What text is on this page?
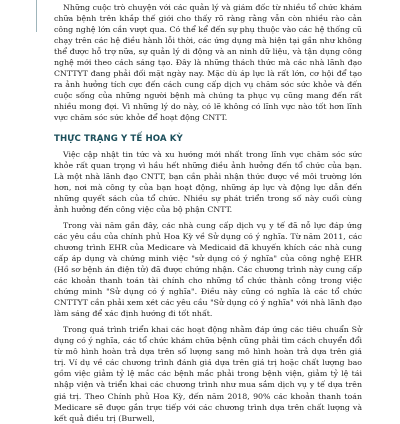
Những cuộc trò chuyện với các quản lý và giám đốc từ nhiều tổ chức khám chữa bệnh trên khắp thế giới cho thấy rõ ràng rằng vẫn còn nhiều rào cản công nghệ lớn cần vượt qua. Có thể kể đến sự phụ thuộc vào các hệ thống cũ chạy trên các hệ điều hành lỗi thời, các ứng dụng mà hiện tại gần như không thể được hỗ trợ nữa, sự quản lý di động và an ninh dữ liệu, và tận dụng công nghệ mới theo cách sáng tạo. Đây là những thách thức mà các nhà lãnh đạo CNTTYT đang phải đối mặt ngày nay. Mặc dù áp lực là rất lớn, cơ hội để tạo ra ảnh hưởng tích cực đến cách cung cấp dịch vụ chăm sóc sức khỏe và đến cuộc sống của những người bệnh mà chúng ta phục vụ cũng mang đến rất nhiều mong đợi. Vì những lý do này, có lẽ không có lĩnh vực nào tốt hơn lĩnh vực chăm sóc sức khỏe để hoạt động CNTT.

THỰC TRẠNG Y TẾ HOA KỲ

Việc cập nhật tin tức và xu hướng mới nhất trong lĩnh vực chăm sóc sức khỏe rất quan trọng vì hầu hết những điều ảnh hưởng đến tổ chức của bạn. Là một nhà lãnh đạo CNTT, bạn cần phải nhận thức được về môi trường lớn hơn, nơi mà công ty của bạn hoạt động, những áp lực và động lực dẫn đến những quyết sách của tổ chức. Nhiều sự phát triển trong số này cuối cùng ảnh hưởng đến công việc của bộ phận CNTT.

Trong vài năm gần đây, các nhà cung cấp dịch vụ y tế đã nỗ lực đáp ứng các yêu cầu của chính phủ Hoa Kỳ về Sử dụng có ý nghĩa. Từ năm 2011, các chương trình EHR của Medicare và Medicaid đã khuyến khích các nhà cung cấp áp dụng và chứng minh việc "sử dụng có ý nghĩa" của công nghệ EHR (Hồ sơ bệnh án điện tử) đã được chứng nhận. Các chương trình này cung cấp các khoản thanh toán tài chính cho những tổ chức thành công trong việc chứng minh "Sử dụng có ý nghĩa". Điều này cũng có nghĩa là các tổ chức CNTTYT cần phải xem xét các yêu cầu "Sử dụng có ý nghĩa" với nhà lãnh đạo làm sáng để xác định hướng đi tốt nhất.

Trong quá trình triển khai các hoạt động nhằm đáp ứng các tiêu chuẩn Sử dụng có ý nghĩa, các tổ chức khám chữa bệnh cũng phải tìm cách chuyển đổi từ mô hình hoàn trả dựa trên số lượng sang mô hình hoàn trả dựa trên giá trị. Ví dụ về các chương trình đánh giá dựa trên giá trị hoặc chất lượng bao gồm việc giảm tỷ lệ mắc các bệnh mắc phải trong bệnh viện, giảm tỷ lệ tái nhập viện và triển khai các chương trình như mua sắm dịch vụ y tế dựa trên giá trị. Theo Chính phủ Hoa Kỳ, đến năm 2018, 90% các khoản thanh toán Medicare sẽ được gắn trực tiếp với các chương trình dựa trên chất lượng và kết quả điều trị (Burwell,
